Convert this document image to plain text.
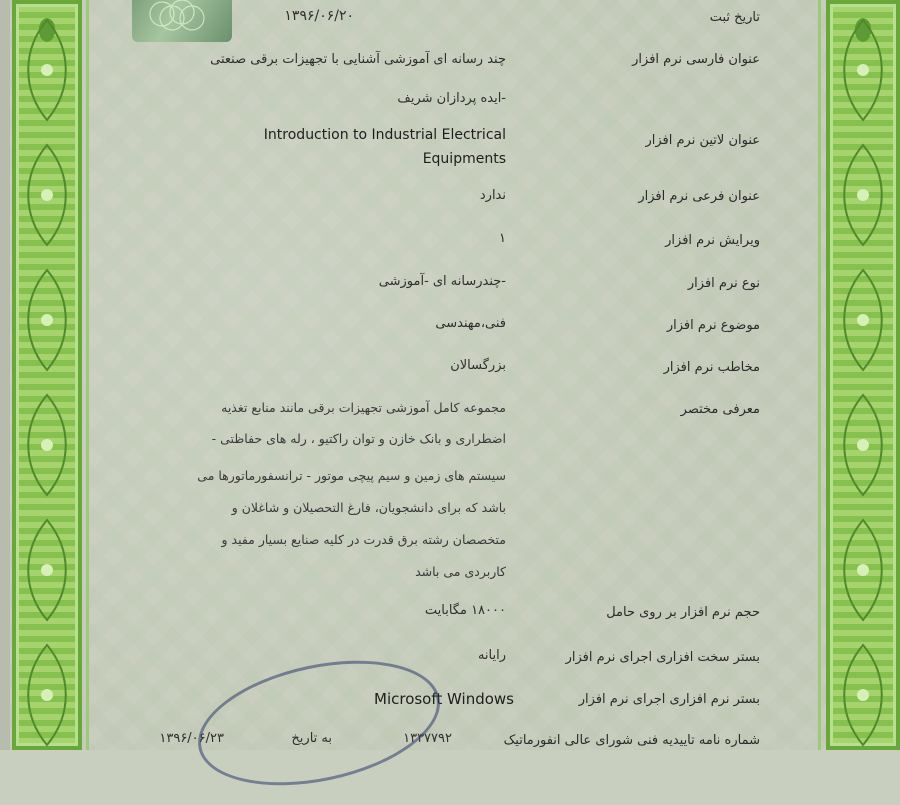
تاریخ ثبت
۱۳۹۶/۰۶/۲۰
عنوان فارسی نرم افزار
چند رسانه ای آموزشی آشنایی با تجهیزات برقی صنعتی
-ایده پردازان شریف
عنوان لاتین نرم افزار
Introduction to Industrial Electrical
Equipments
عنوان فرعی نرم افزار
ندارد
ویرایش نرم افزار
۱
نوع نرم افزار
-چندرسانه ای -آموزشی
موضوع نرم افزار
فنی،مهندسی
مخاطب نرم افزار
بزرگسالان
معرفی مختصر
مجموعه کامل آموزشی تجهیزات برقی مانند منابع تغذیه
اضطراری و بانک خازن و توان راکتیو ، رله های حفاظتی -
سیستم های زمین و سیم پیچی موتور - ترانسفورماتورها می
باشد که برای دانشجویان، فارغ التحصیلان و شاغلان و
متخصصان رشته برق قدرت در کلیه صنایع بسیار مفید و
کاربردی می باشد
حجم نرم افزار بر روی حامل
۱۸۰۰۰ مگابایت
بستر سخت افزاری اجرای نرم افزار
رایانه
بستر نرم افزاری اجرای نرم افزار
Microsoft Windows
شماره نامه تاییدیه فنی شورای عالی انفورماتیک
۱۳۳۷۷۹۲
به تاریخ
۱۳۹۶/۰۶/۲۳
